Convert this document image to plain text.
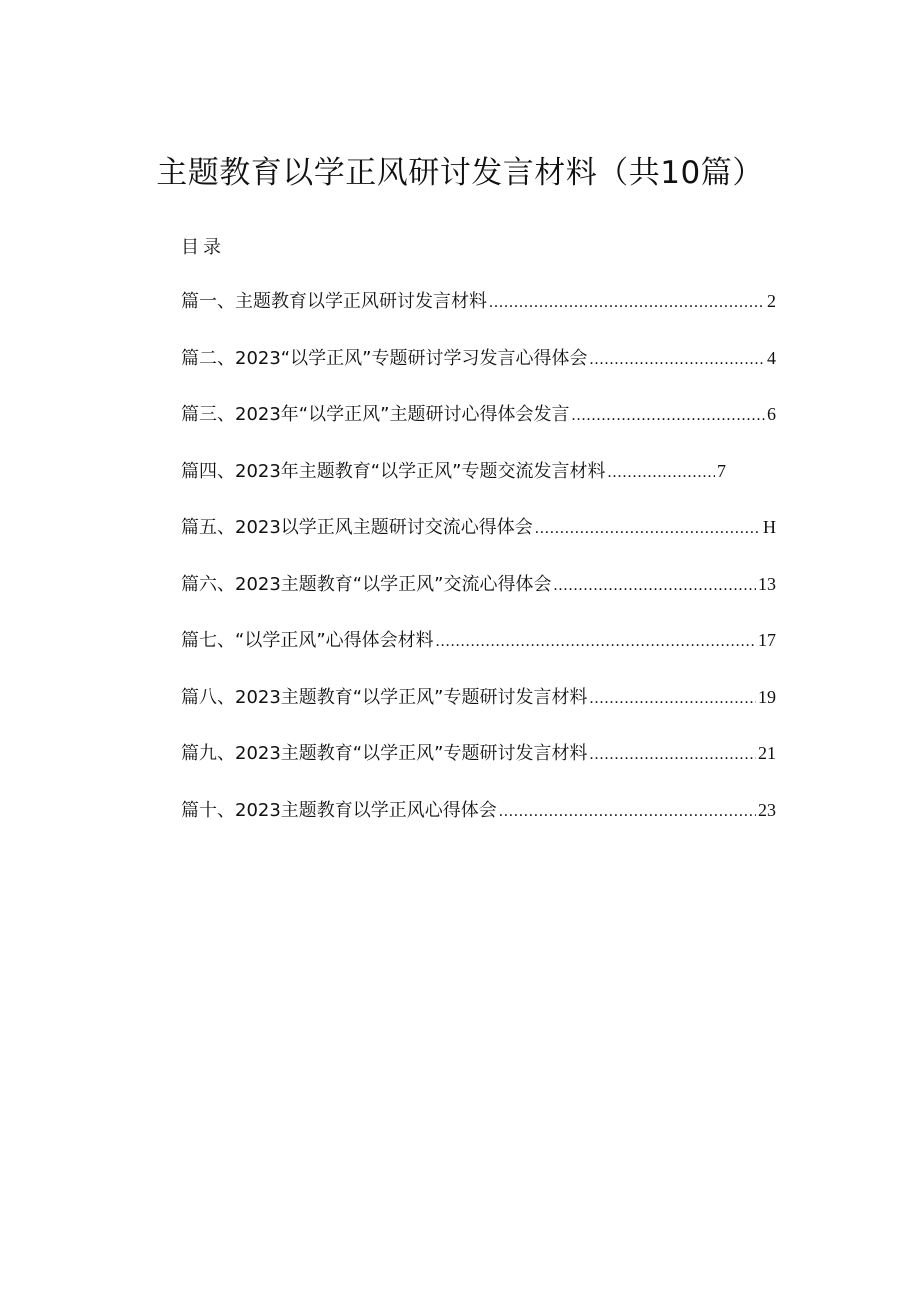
主题教育以学正风研讨发言材料（共10篇）
目录
篇一、主题教育以学正风研讨发言材料 .....	2
篇二、2023“以学正风”专题研讨学习发言心得体会 .....	4
篇三、2023年“以学正风”主题研讨心得体会发言 .....	6
篇四、2023年主题教育“以学正风”专题交流发言材料 .....	7
篇五、2023以学正风主题研讨交流心得体会 .....	H
篇六、2023主题教育“以学正风”交流心得体会 .....	13
篇七、“以学正风”心得体会材料 .....	17
篇八、2023主题教育“以学正风”专题研讨发言材料 .....	19
篇九、2023主题教育“以学正风”专题研讨发言材料 .....	21
篇十、2023主题教育以学正风心得体会 .....	23
